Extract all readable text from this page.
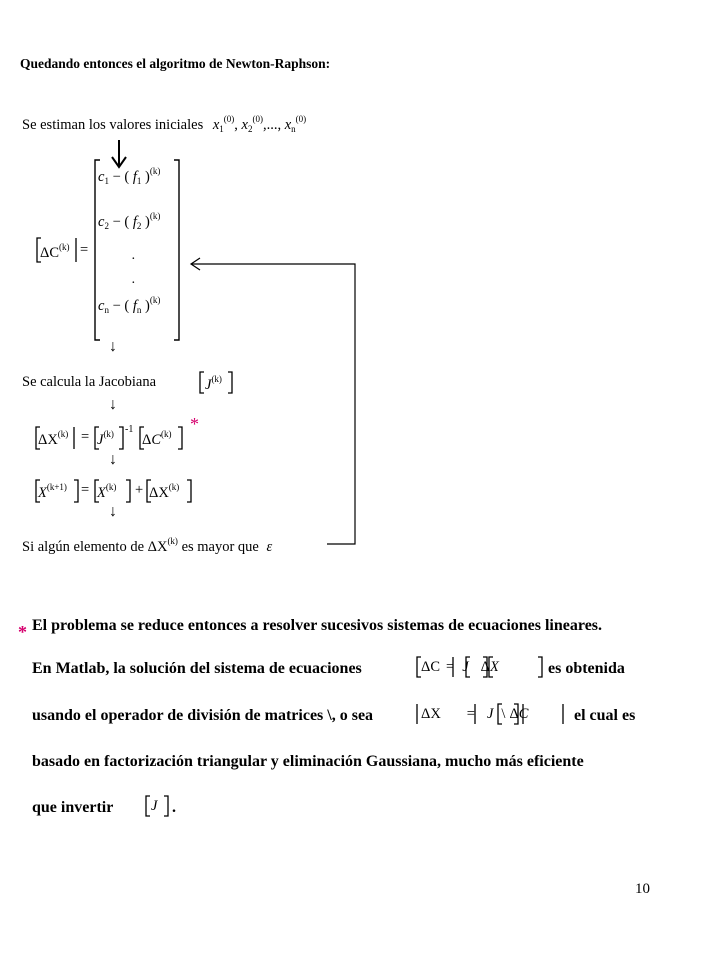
Quedando entonces el algoritmo de Newton-Raphson:
Se estiman los valores iniciales $x_1^{(0)}$, $x_2^{(0)}$,..., $x_n^{(0)}$
$\Delta C^{(k)}$ =
$c_1$ − ( $f_1$ )$^{(k)}$
$c_2$ − ( $f_2$ )$^{(k)}$
·
·
$c_n$ − ( $f_n$ )$^{(k)}$
Se calcula la Jacobiana	$J^{(k)}$
$\Delta X^{(k)} = J^{(k)}$ -1
ΔC$^{(k)}$ *
$X^{(k+1)} = X^{(k)} + \Delta X^{(k)}$
Si algún elemento de ΔX$^{(k)}$ es mayor que ε
↓
↓
↓
↓
* El problema se reduce entonces a resolver sucesivos sistemas de ecuaciones lineares.
En Matlab, la solución del sistema de ecuaciones	ΔC = J ΔX	es obtenida
usando el operador de división de matrices \, o sea	ΔX = J \ ΔC	el cual es
basado en factorización triangular y eliminación Gaussiana, mucho más eficiente
que invertir	J .
10
